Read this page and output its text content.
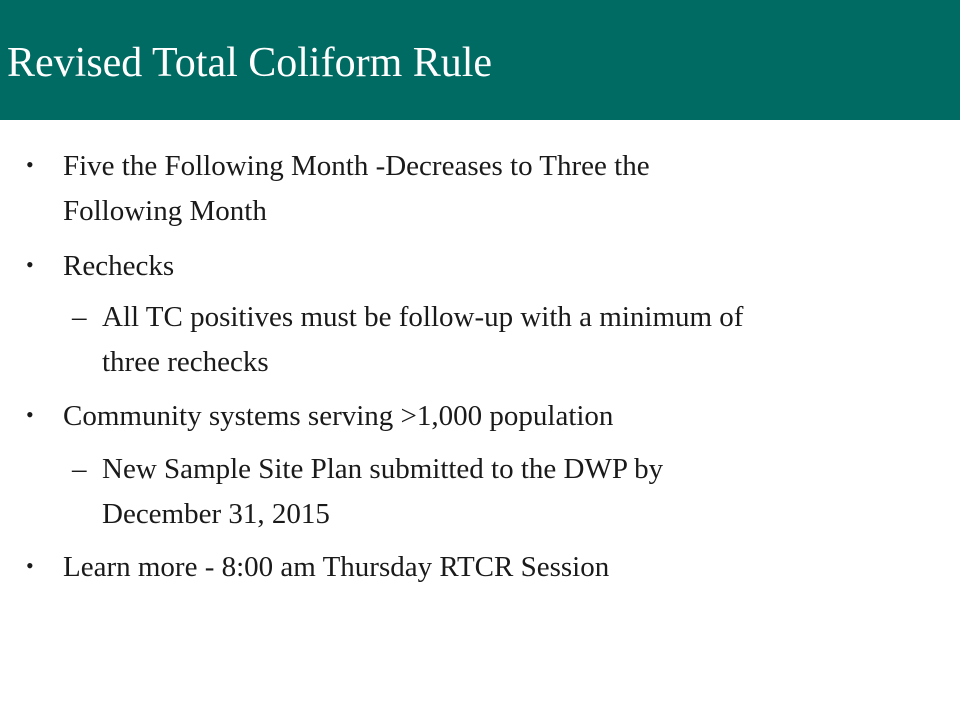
Revised Total Coliform Rule
• Five the Following Month -Decreases to Three the
Following Month
• Rechecks
– All TC positives must be follow-up with a minimum of
three rechecks
• Community systems serving >1,000 population
– New Sample Site Plan submitted to the DWP by
December 31, 2015
• Learn more - 8:00 am Thursday RTCR Session
